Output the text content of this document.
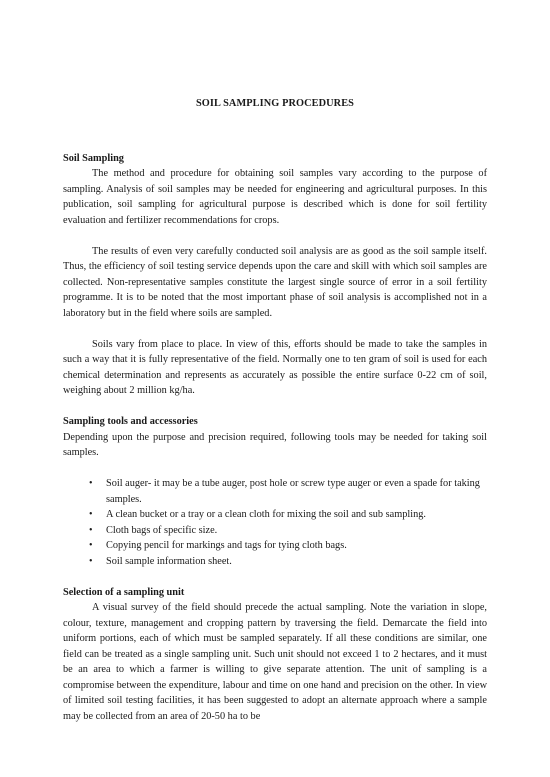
SOIL SAMPLING PROCEDURES
Soil Sampling

The method and procedure for obtaining soil samples vary according to the purpose of sampling. Analysis of soil samples may be needed for engineering and agricultural purposes. In this publication, soil sampling for agricultural purpose is described which is done for soil fertility evaluation and fertilizer recommendations for crops.

The results of even very carefully conducted soil analysis are as good as the soil sample itself. Thus, the efficiency of soil testing service depends upon the care and skill with which soil samples are collected. Non-representative samples constitute the largest single source of error in a soil fertility programme. It is to be noted that the most important phase of soil analysis is accomplished not in a laboratory but in the field where soils are sampled.

Soils vary from place to place. In view of this, efforts should be made to take the samples in such a way that it is fully representative of the field. Normally one to ten gram of soil is used for each chemical determination and represents as accurately as possible the entire surface 0-22 cm of soil, weighing about 2 million kg/ha.

Sampling tools and accessories

Depending upon the purpose and precision required, following tools may be needed for taking soil samples.

• Soil auger- it may be a tube auger, post hole or screw type auger or even a spade for taking samples.
• A clean bucket or a tray or a clean cloth for mixing the soil and sub sampling.
• Cloth bags of specific size.
• Copying pencil for markings and tags for tying cloth bags.
• Soil sample information sheet.
Selection of a sampling unit

A visual survey of the field should precede the actual sampling. Note the variation in slope, colour, texture, management and cropping pattern by traversing the field. Demarcate the field into uniform portions, each of which must be sampled separately. If all these conditions are similar, one field can be treated as a single sampling unit. Such unit should not exceed 1 to 2 hectares, and it must be an area to which a farmer is willing to give separate attention. The unit of sampling is a compromise between the expenditure, labour and time on one hand and precision on the other. In view of limited soil testing facilities, it has been suggested to adopt an alternate approach where a sample may be collected from an area of 20-50 ha to be
